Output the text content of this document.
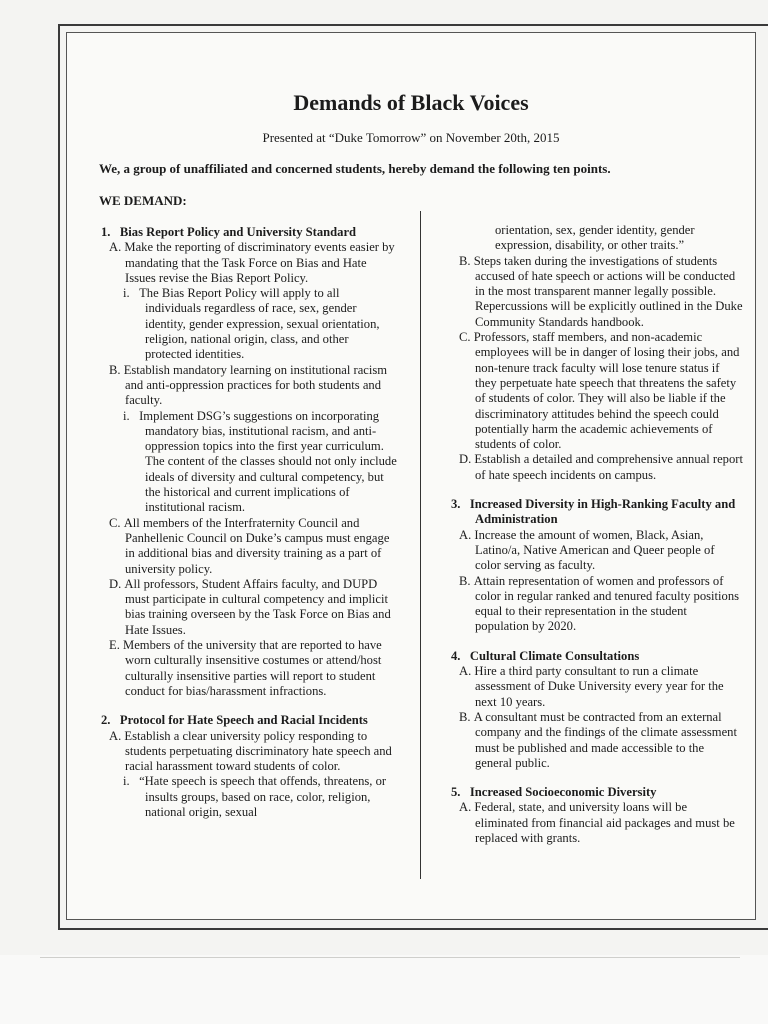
Demands of Black Voices
Presented at “Duke Tomorrow” on November 20th, 2015
We, a group of unaffiliated and concerned students, hereby demand the following ten points.
WE DEMAND:

1.   Bias Report Policy and University Standard

A. Make the reporting of discriminatory events easier by mandating that the Task Force on Bias and Hate Issues revise the Bias Report Policy.

i.   The Bias Report Policy will apply to all individuals regardless of race, sex, gender identity, gender expression, sexual orientation, religion, national origin, class, and other protected identities.

B. Establish mandatory learning on institutional racism and anti-oppression practices for both students and faculty.

i.   Implement DSG’s suggestions on incorporating mandatory bias, institutional racism, and anti-oppression topics into the first year curriculum. The content of the classes should not only include ideals of diversity and cultural competency, but the historical and current implications of institutional racism.

C. All members of the Interfraternity Council and Panhellenic Council on Duke’s campus must engage in additional bias and diversity training as a part of university policy.

D. All professors, Student Affairs faculty, and DUPD must participate in cultural competency and implicit bias training overseen by the Task Force on Bias and Hate Issues.

E. Members of the university that are reported to have worn culturally insensitive costumes or attend/host culturally insensitive parties will report to student conduct for bias/harassment infractions.

2.   Protocol for Hate Speech and Racial Incidents

A. Establish a clear university policy responding to students perpetuating discriminatory hate speech and racial harassment toward students of color.

i.   “Hate speech is speech that offends, threatens, or insults groups, based on race, color, religion, national origin, sexual

orientation, sex, gender identity, gender expression, disability, or other traits.”

B. Steps taken during the investigations of students accused of hate speech or actions will be conducted in the most transparent manner legally possible. Repercussions will be explicitly outlined in the Duke Community Standards handbook.

C. Professors, staff members, and non-academic employees will be in danger of losing their jobs, and non-tenure track faculty will lose tenure status if they perpetuate hate speech that threatens the safety of students of color. They will also be liable if the discriminatory attitudes behind the speech could potentially harm the academic achievements of students of color.

D. Establish a detailed and comprehensive annual report of hate speech incidents on campus.

3.   Increased Diversity in High-Ranking Faculty and Administration

A. Increase the amount of women, Black, Asian, Latino/a, Native American and Queer people of color serving as faculty.

B. Attain representation of women and professors of color in regular ranked and tenured faculty positions equal to their representation in the student population by 2020.

4.   Cultural Climate Consultations

A. Hire a third party consultant to run a climate assessment of Duke University every year for the next 10 years.

B. A consultant must be contracted from an external company and the findings of the climate assessment must be published and made accessible to the general public.

5.   Increased Socioeconomic Diversity

A. Federal, state, and university loans will be eliminated from financial aid packages and must be replaced with grants.
